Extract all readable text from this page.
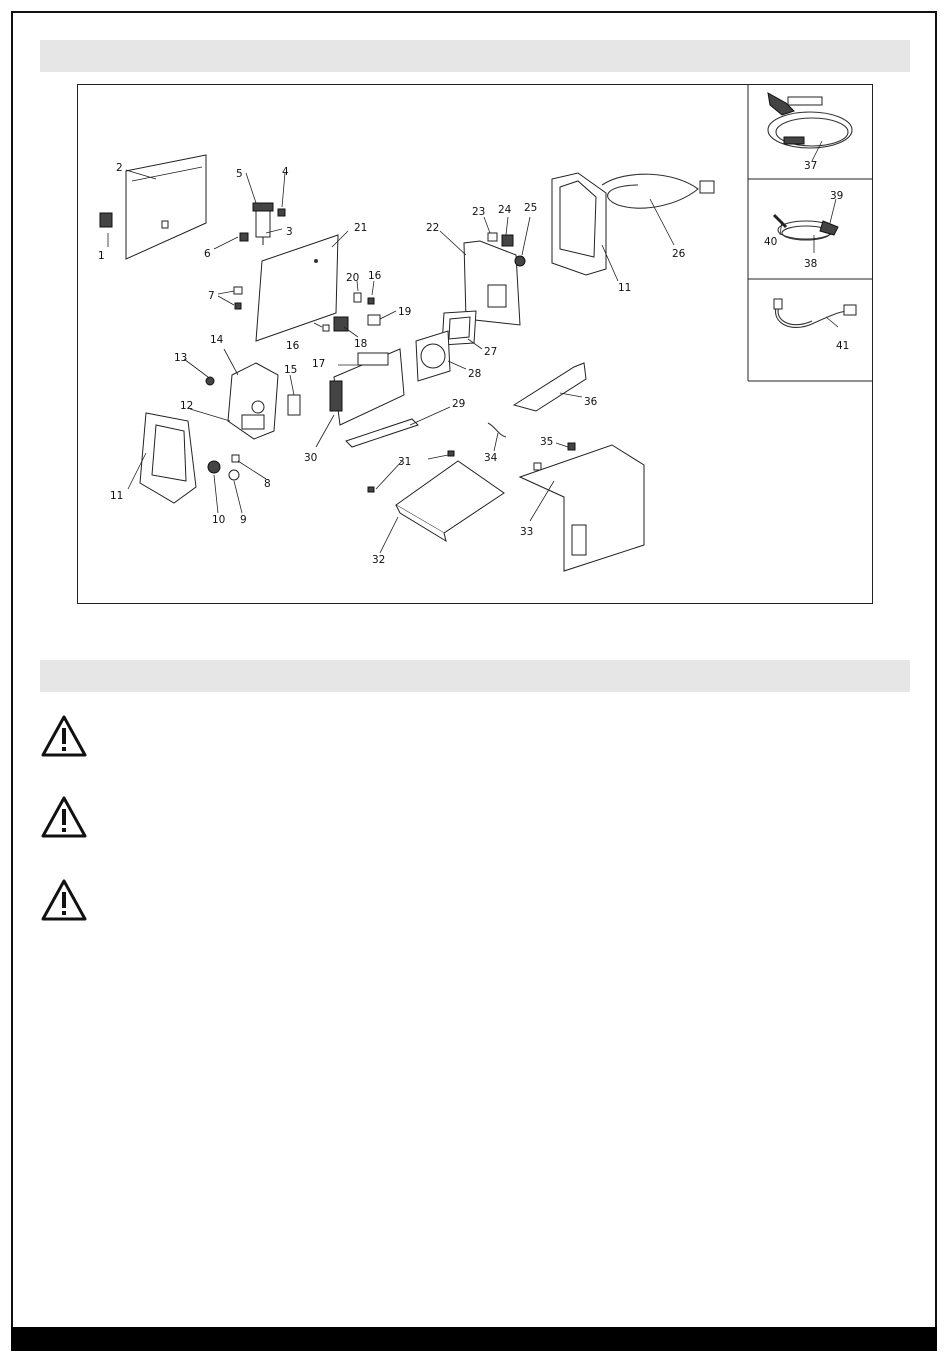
1
2
3
4
5
6
7
8
9
10
11
11
12
13
14
15
16
16
17
18
19
20
21	22
23 24 25
26
27
28
29
30	31
32
33
34
35
36
37
38
39
40
41
